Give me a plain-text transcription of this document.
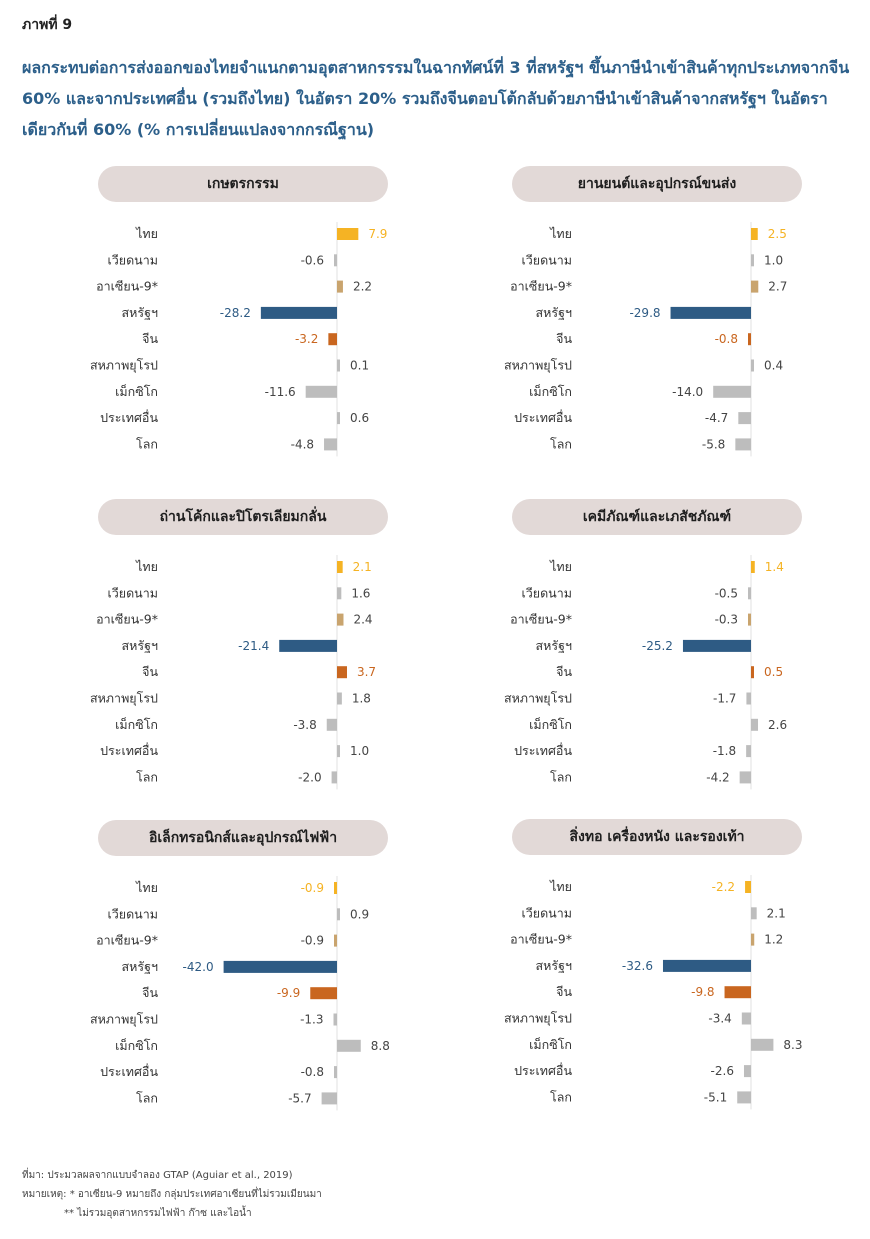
ภาพที่ 9

ผลกระทบต่อการส่งออกของไทยจำแนกตามอุตสาหกรรรมในฉากทัศน์ที่ 3 ที่สหรัฐฯ ขึ้นภาษีนำเข้าสินค้าทุกประเภทจากจีน 60% และจากประเทศอื่น (รวมถึงไทย) ในอัตรา 20% รวมถึงจีนตอบโต้กลับด้วยภาษีนำเข้าสินค้าจากสหรัฐฯ ในอัตราเดียวกันที่ 60% (% การเปลี่ยนแปลงจากกรณีฐาน)

เกษตรกรรม
ไทย	7.9
เวียดนาม	-0.6
อาเซียน-9*	2.2
สหรัฐฯ	-28.2
จีน	-3.2
สหภาพยุโรป	0.1
เม็กซิโก	-11.6
ประเทศอื่น	0.6
โลก	-4.8
ยานยนต์และอุปกรณ์ขนส่ง
ไทย	2.5
เวียดนาม	1.0
อาเซียน-9*	2.7
สหรัฐฯ	-29.8
จีน	-0.8
สหภาพยุโรป	0.4
เม็กซิโก	-14.0
ประเทศอื่น	-4.7
โลก	-5.8
ถ่านโค้กและปิโตรเลียมกลั่น
ไทย	2.1
เวียดนาม	1.6
อาเซียน-9*	2.4
สหรัฐฯ	-21.4
จีน	3.7
สหภาพยุโรป	1.8
เม็กซิโก	-3.8
ประเทศอื่น	1.0
โลก	-2.0
เคมีภัณฑ์และเภสัชภัณฑ์
ไทย	1.4
เวียดนาม	-0.5
อาเซียน-9*	-0.3
สหรัฐฯ	-25.2
จีน	0.5
สหภาพยุโรป	-1.7
เม็กซิโก	2.6
ประเทศอื่น	-1.8
โลก	-4.2
อิเล็กทรอนิกส์และอุปกรณ์ไฟฟ้า
ไทย	-0.9
เวียดนาม	0.9
อาเซียน-9*	-0.9
สหรัฐฯ -42.0
จีน	-9.9
สหภาพยุโรป	-1.3
เม็กซิโก	8.8
ประเทศอื่น	-0.8
โลก	-5.7
สิ่งทอ เครื่องหนัง และรองเท้า
ไทย	-2.2
เวียดนาม	2.1
อาเซียน-9*	1.2
สหรัฐฯ	-32.6
จีน	-9.8
สหภาพยุโรป	-3.4
เม็กซิโก	8.3
ประเทศอื่น	-2.6
โลก	-5.1
ที่มา: ประมวลผลจากแบบจำลอง GTAP (Aguiar et al., 2019)
หมายเหตุ: * อาเซียน-9 หมายถึง กลุ่มประเทศอาเซียนที่ไม่รวมเมียนมา
** ไม่รวมอุตสาหกรรมไฟฟ้า ก๊าซ และไอน้ำ
